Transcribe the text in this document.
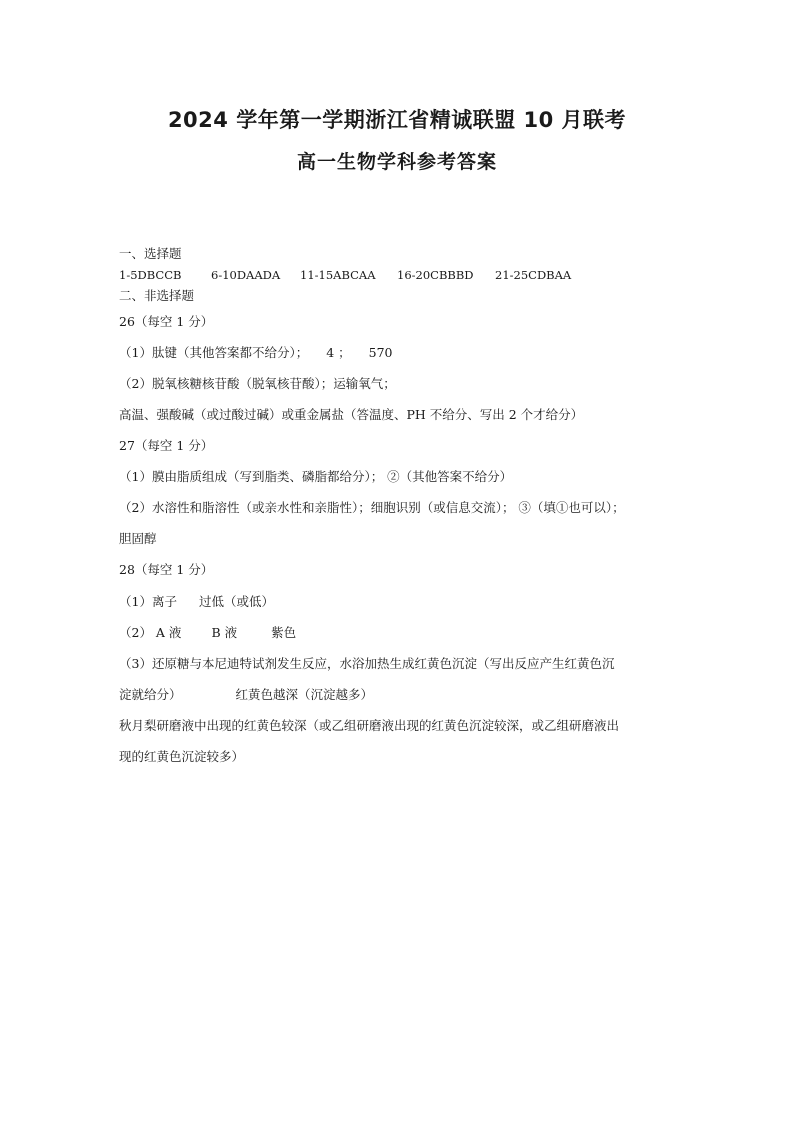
2024 学年第一学期浙江省精诚联盟 10 月联考
高一生物学科参考答案
一、选择题
1-5DBCCB	6-10DAADA 11-15ABCAA 16-20CBBBD 21-25CDBAA
二、非选择题
26（每空 1 分）
（1）肽键（其他答案都不给分）； 4 ； 570
（2）脱氧核糖核苷酸（脱氧核苷酸）；运输氧气；
高温、强酸碱（或过酸过碱）或重金属盐（答温度、PH 不给分、写出 2 个才给分）
27（每空 1 分）
（1）膜由脂质组成（写到脂类、磷脂都给分）； ②（其他答案不给分）
（2）水溶性和脂溶性（或亲水性和亲脂性）；细胞识别（或信息交流）； ③（填①也可以）；
胆固醇
28（每空 1 分）
（1）离子 过低（或低）
（2） A 液 B 液	紫色
（3）还原糖与本尼迪特试剂发生反应，水浴加热生成红黄色沉淀（写出反应产生红黄色沉
淀就给分）	红黄色越深（沉淀越多）
秋月梨研磨液中出现的红黄色较深（或乙组研磨液出现的红黄色沉淀较深，或乙组研磨液出
现的红黄色沉淀较多）
